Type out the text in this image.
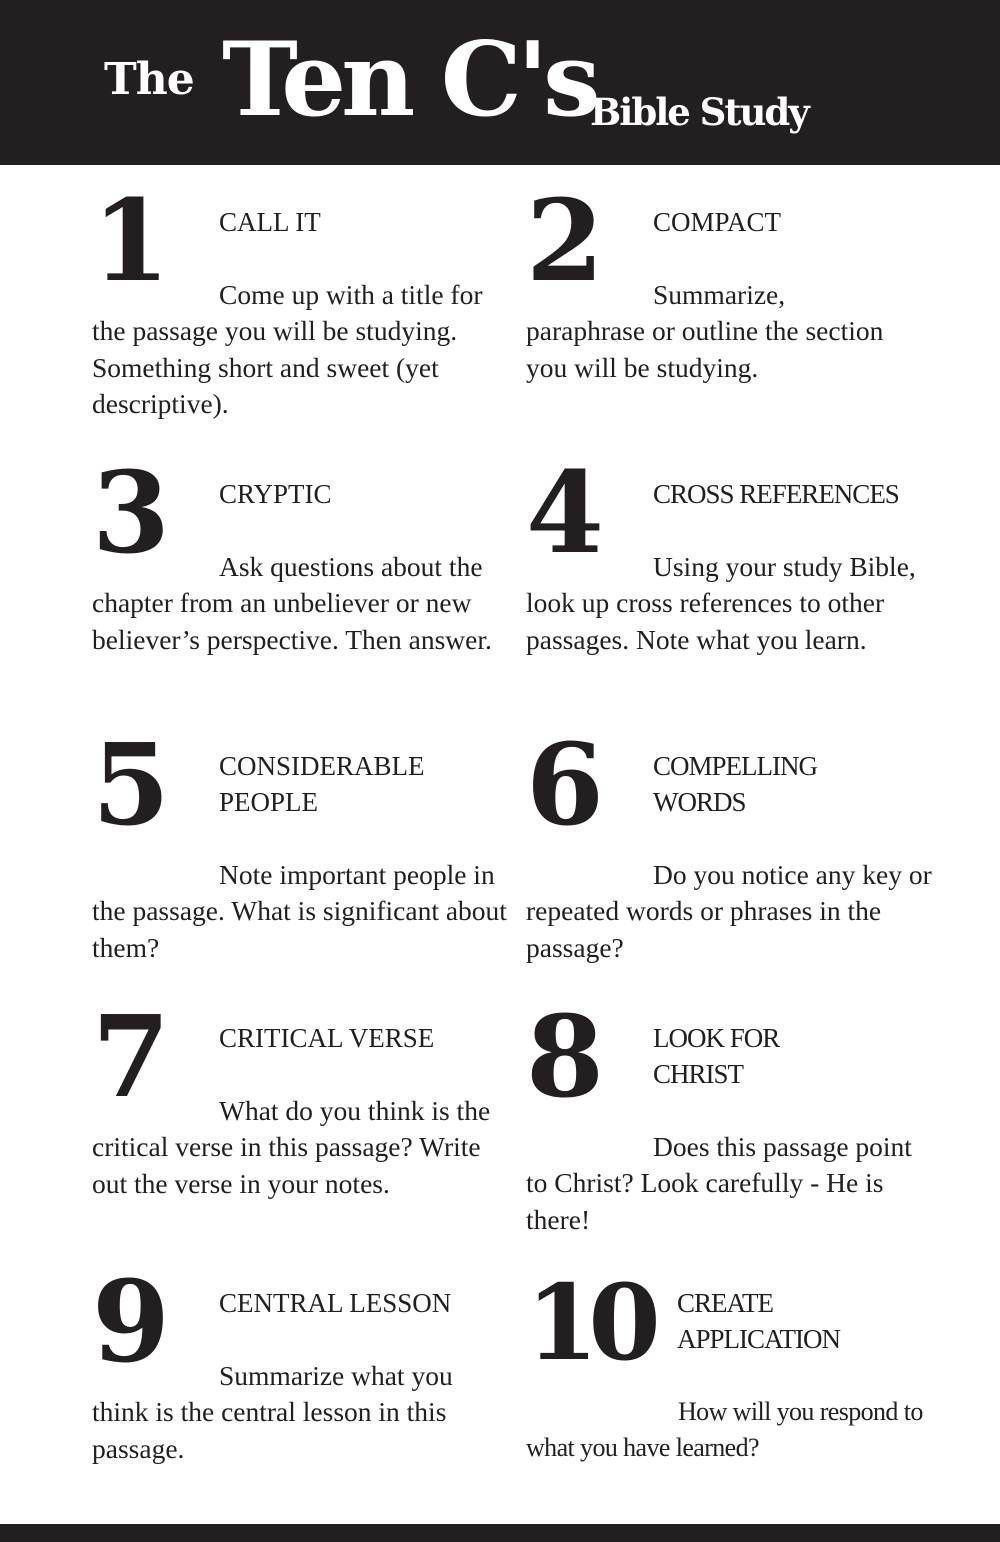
The Ten C's
Bible Study
1 CALL IT

Come up with a title for the passage you will be studying. Something short and sweet (yet descriptive).

2 COMPACT

Summarize, paraphrase or outline the section you will be studying.

3 CRYPTIC

Ask questions about the chapter from an unbeliever or new believer’s perspective. Then answer.

4 CROSS REFERENCES

Using your study Bible, look up cross references to other passages. Note what you learn.

5 CONSIDERABLE
PEOPLE

Note important people in the passage. What is significant about them?

6 COMPELLING
WORDS

Do you notice any key or repeated words or phrases in the passage?

7 CRITICAL VERSE

What do you think is the critical verse in this passage? Write out the verse in your notes.

8 LOOK FOR
CHRIST

Does this passage point to Christ? Look carefully - He is there!

9 CENTRAL LESSON

Summarize what you think is the central lesson in this passage.

10 CREATE
APPLICATION

How will you respond to what you have learned?
